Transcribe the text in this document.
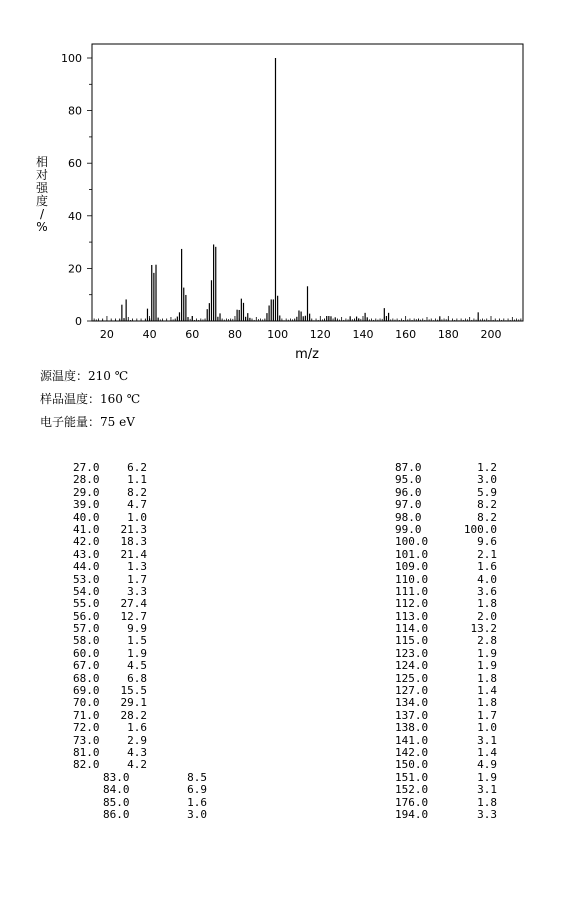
20	40	60	80 100 120 140 160 180 200
0
20
40
60
80
100
m/z
相
对
强
度
/
%
源温度：210 ℃
样品温度：160 ℃
电子能量：75 eV
27.0	6.2
28.0	1.1
29.0	8.2
39.0	4.7
40.0	1.0
41.0 21.3
42.0 18.3
43.0 21.4
44.0	1.3
53.0	1.7
54.0	3.3
55.0 27.4
56.0 12.7
57.0	9.9
58.0	1.5
60.0	1.9
67.0	4.5
68.0	6.8
69.0 15.5
70.0 29.1
71.0 28.2
72.0	1.6
73.0	2.9
81.0	4.3
82.0	4.2
83.0	8.5
84.0	6.9
85.0	1.6
86.0	3.0
87.0	1.2
95.0	3.0
96.0	5.9
97.0	8.2
98.0	8.2
99.0	100.0
100.0	9.6
101.0	2.1
109.0	1.6
110.0	4.0
111.0	3.6
112.0	1.8
113.0	2.0
114.0	13.2
115.0	2.8
123.0	1.9
124.0	1.9
125.0	1.8
127.0	1.4
134.0	1.8
137.0	1.7
138.0	1.0
141.0	3.1
142.0	1.4
150.0	4.9
151.0	1.9
152.0	3.1
176.0	1.8
194.0	3.3
